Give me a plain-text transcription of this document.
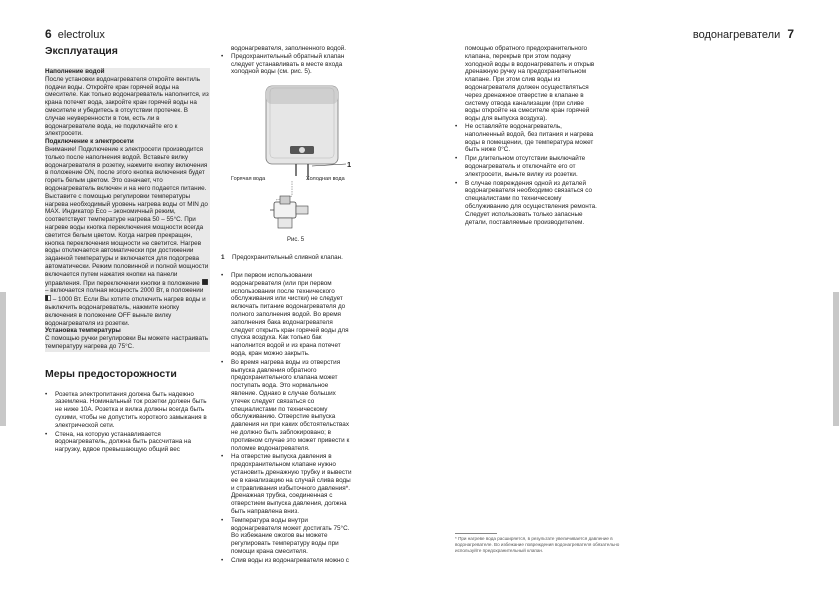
6 electrolux	водонагреватели 7
Эксплуатация

Наполнение водой

После установки водонагревателя откройте вентиль подачи воды. Откройте кран горячей воды на смесителе. Как только водонагреватель наполнится, из крана потечет вода, закройте кран горячей воды на смесителе и убедитесь в отсутствии протечек. В случае неуверенности в том, есть ли в водонагревателе вода, не подключайте его к электросети.

Подключение к электросети

Внимание! Подключение к электросети производится только после наполнения водой. Вставьте вилку водонагревателя в розетку, нажмите кнопку включения в положение ON, после этого кнопка включения будет гореть белым цветом. Это означает, что водонагреватель включен и на него подается питание. Выставите с помощью регулировки температуры нагрева необходимый уровень нагрева воды от MIN до MAX. Индикатор Eco – экономичный режим, соответствует температуре нагрева 50 – 55°С. При нагреве воды кнопка переключения мощности всегда светится белым цветом. Когда нагрев прекращен, кнопка переключения мощности не светится. Нагрев воды отключается автоматически при достижении заданной температуры и включается для подогрева автоматически. Режим половинной и полной мощности включается путем нажатия кнопки на панели управления. При переключении кнопки в положение  – включается полная мощность 2000 Вт, в положении  – 1000 Вт. Если Вы хотите отключить нагрев воды и выключить водонагреватель, нажмите кнопку включения в положение OFF выньте вилку водонагревателя из розетки.

Установка температуры

С помощью ручки регулировки Вы можете настраивать температуру нагрева до 75°С.

Меры предосторожности
• Розетка электропитания должна быть надежно заземлена. Номинальный ток розетки должен быть не ниже 10А. Розетка и вилка должны всегда быть сухими, чтобы не допустить короткого замыкания в электрической сети.
• Стена, на которую устанавливается водонагреватель, должна быть рассчитана на нагрузку, вдвое превышающую общий вес

водонагревателя, заполненного водой.

• Предохранительный обратный клапан следует устанавливать в месте входа холодной воды (см. рис. 5).
Горячая вода	Холодная вода
1
Рис. 5
1 Предохранительный сливной клапан.
• При первом использовании водонагревателя (или при первом использовании после технического обслуживания или чистки) не следует включать питание водонагревателя до полного заполнения водой. Во время заполнения бака водонагревателя следует открыть кран горячей воды для спуска воздуха. Как только бак наполнится водой и из крана потечет вода, кран можно закрыть.
• Во время нагрева воды из отверстия выпуска давления обратного предохранительного клапана может поступать вода. Это нормальное явление. Однако в случае больших утечек следует связаться со специалистами по техническому обслуживанию. Отверстие выпуска давления ни при каких обстоятельствах не должно быть заблокировано; в противном случае это может привести к поломке водонагревателя.
• На отверстие выпуска давления в предохранительном клапане нужно установить дренажную трубку и вывести ее в канализацию на случай слива воды и стравливания избыточного давления*. Дренажная трубка, соединенная с отверстием выпуска давления, должна быть направлена вниз.
• Температура воды внутри водонагревателя может достигать 75°С. Во избежание ожогов вы можете регулировать температуру воды при помощи крана смесителя.
• Слив воды из водонагревателя можно с

помощью обратного предохранительного клапана, перекрыв при этом подачу холодной воды в водонагреватель и открыв дренажную ручку на предохранительном клапане. При этом слив воды из водонагревателя должен осуществляться через дренажное отверстие в клапане в систему отвода канализации (при сливе воды откройте на смесителе кран горячей воды для выпуска воздуха).

• Не оставляйте водонагреватель, наполненный водой, без питания и нагрева воды в помещении, где температура может быть ниже 0°С.
• При длительном отсутствии выключайте водонагреватель и отключайте его от электросети, выньте вилку из розетки.
• В случае повреждения одной из деталей водонагревателя необходимо связаться со специалистами по техническому обслуживанию для осуществления ремонта. Следует использовать только запасные детали, поставляемые производителем.

* При нагреве вода расширяется, в результате увеличивается давление в водонагревателе. Во избежание повреждения водонагревателя обязательно используйте предохранительный клапан.
